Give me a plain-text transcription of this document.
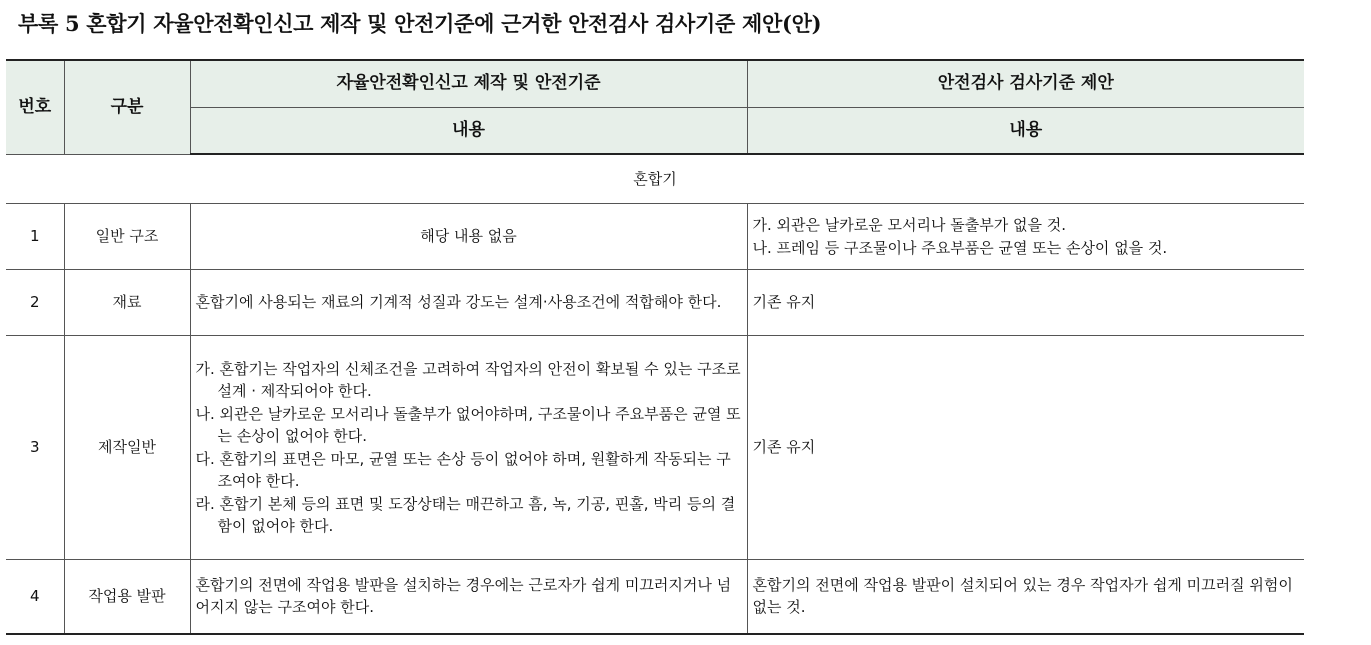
부록 5 혼합기 자율안전확인신고 제작 및 안전기준에 근거한 안전검사 검사기준 제안(안)
번호	구분	자율안전확인신고 제작 및 안전기준	안전검사 검사기준 제안
		내용	내용
혼합기			
1	일반 구조	해당 내용 없음	가. 외관은 날카로운 모서리나 돌출부가 없을 것.
나. 프레임 등 구조물이나 주요부품은 균열 또는 손상이 없을 것.

2	재료	혼합기에 사용되는 재료의 기계적 성질과 강도는 설계·사용조건에 적합해야 한다.	기존 유지

3	제작일반	가. 혼합기는 작업자의 신체조건을 고려하여 작업자의 안전이 확보될 수 있는 구조로 설계 · 제작되어야 한다.
나. 외관은 날카로운 모서리나 돌출부가 없어야하며, 구조물이나 주요부품은 균열 또는 손상이 없어야 한다.
다. 혼합기의 표면은 마모, 균열 또는 손상 등이 없어야 하며, 원활하게 작동되는 구조여야 한다.
라. 혼합기 본체 등의 표면 및 도장상태는 매끈하고 흠, 녹, 기공, 핀홀, 박리 등의 결함이 없어야 한다.	기존 유지

4	작업용 발판	혼합기의 전면에 작업용 발판을 설치하는 경우에는 근로자가 쉽게 미끄러지거나 넘어지지 않는 구조여야 한다.	혼합기의 전면에 작업용 발판이 설치되어 있는 경우 작업자가 쉽게 미끄러질 위험이 없는 것.
